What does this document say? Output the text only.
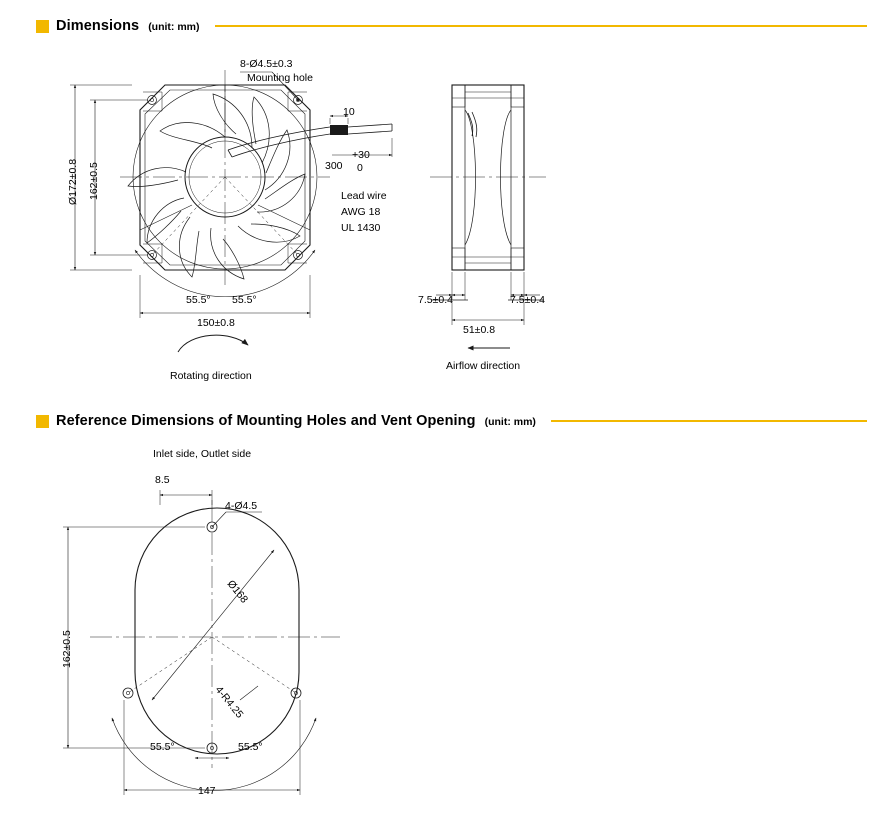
Dimensions (unit: mm)
Reference Dimensions of Mounting Holes and Vent Opening (unit: mm)
8-Ø4.5±0.3
Mounting hole
Ø172±0.8 162±0.5
150±0.8
55.5° 55.5°
10
300
+30
0
Lead wire
AWG 18
UL 1430
Rotating direction
7.5±0.4	7.5±0.4
51±0.8
Airflow direction
Inlet side, Outlet side
8.5
4-Ø4.5
Ø168
4-R4.25
162±0.5
147
55.5°	55.5°
